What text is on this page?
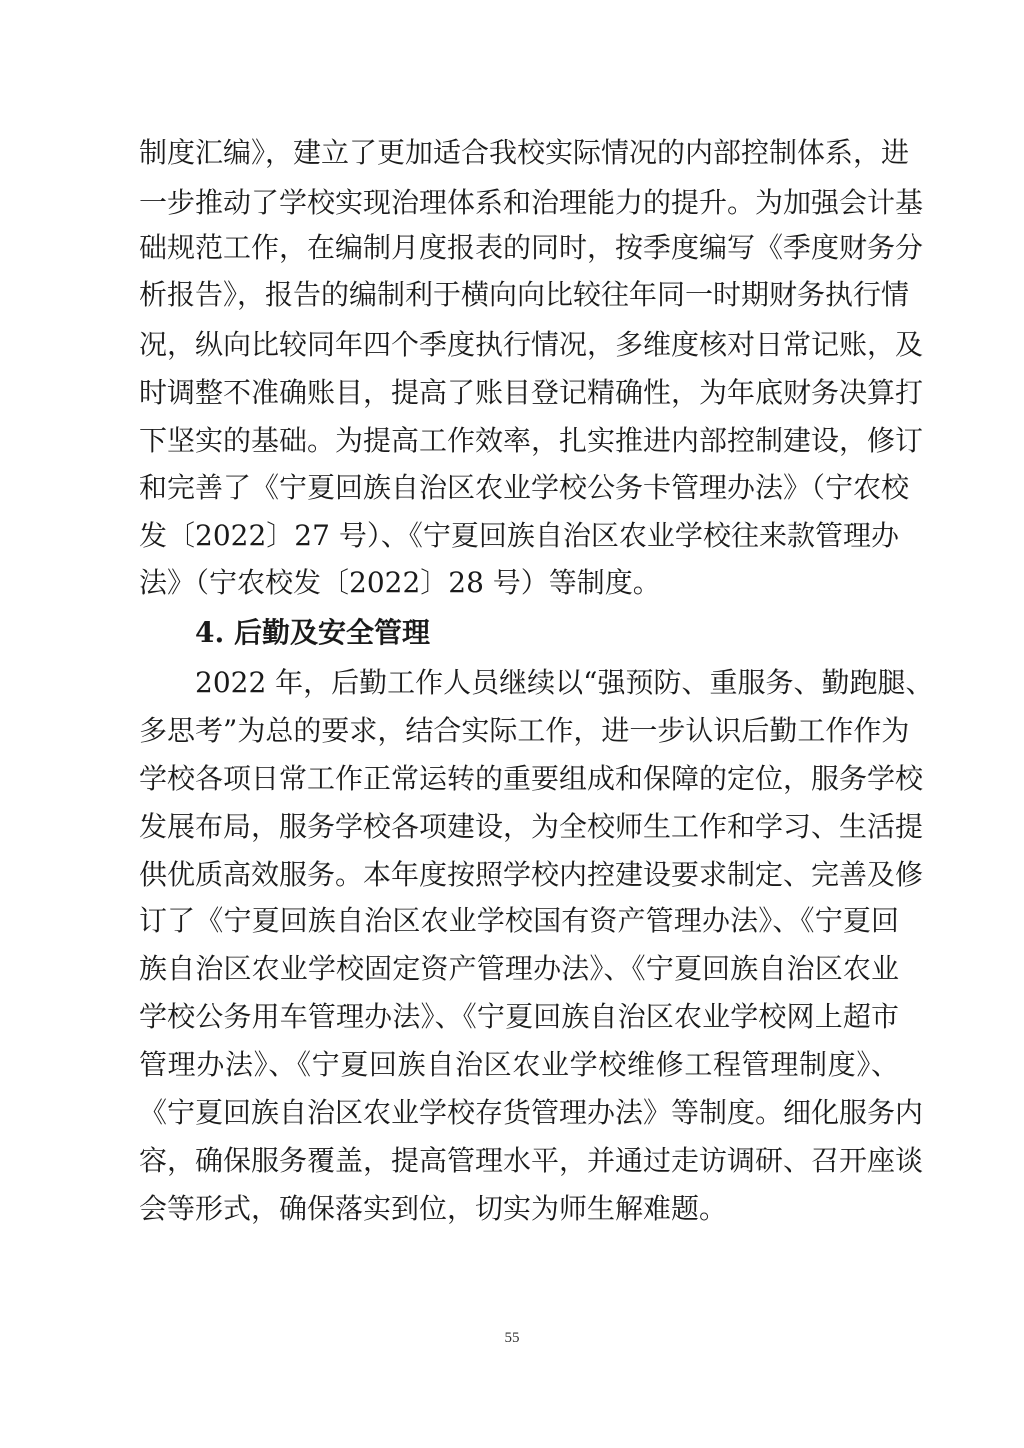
制度汇编》，建立了更加适合我校实际情况的内部控制体系，进
一步推动了学校实现治理体系和治理能力的提升。为加强会计基
础规范工作，在编制月度报表的同时，按季度编写《季度财务分
析报告》，报告的编制利于横向向比较往年同一时期财务执行情
况，纵向比较同年四个季度执行情况，多维度核对日常记账，及
时调整不准确账目，提高了账目登记精确性，为年底财务决算打
下坚实的基础。为提高工作效率，扎实推进内部控制建设，修订
和完善了《宁夏回族自治区农业学校公务卡管理办法》（宁农校
发〔2022〕27 号）、《宁夏回族自治区农业学校往来款管理办
法》（宁农校发〔2022〕28 号）等制度。
4. 后勤及安全管理
2022 年，后勤工作人员继续以“强预防、重服务、勤跑腿、
多思考”为总的要求，结合实际工作，进一步认识后勤工作作为
学校各项日常工作正常运转的重要组成和保障的定位，服务学校
发展布局，服务学校各项建设，为全校师生工作和学习、生活提
供优质高效服务。本年度按照学校内控建设要求制定、完善及修
订了《宁夏回族自治区农业学校国有资产管理办法》、《宁夏回
族自治区农业学校固定资产管理办法》、《宁夏回族自治区农业
学校公务用车管理办法》、《宁夏回族自治区农业学校网上超市
管理办法》、《宁夏回族自治区农业学校维修工程管理制度》、
《宁夏回族自治区农业学校存货管理办法》等制度。细化服务内
容，确保服务覆盖，提高管理水平，并通过走访调研、召开座谈
会等形式，确保落实到位，切实为师生解难题。
55
